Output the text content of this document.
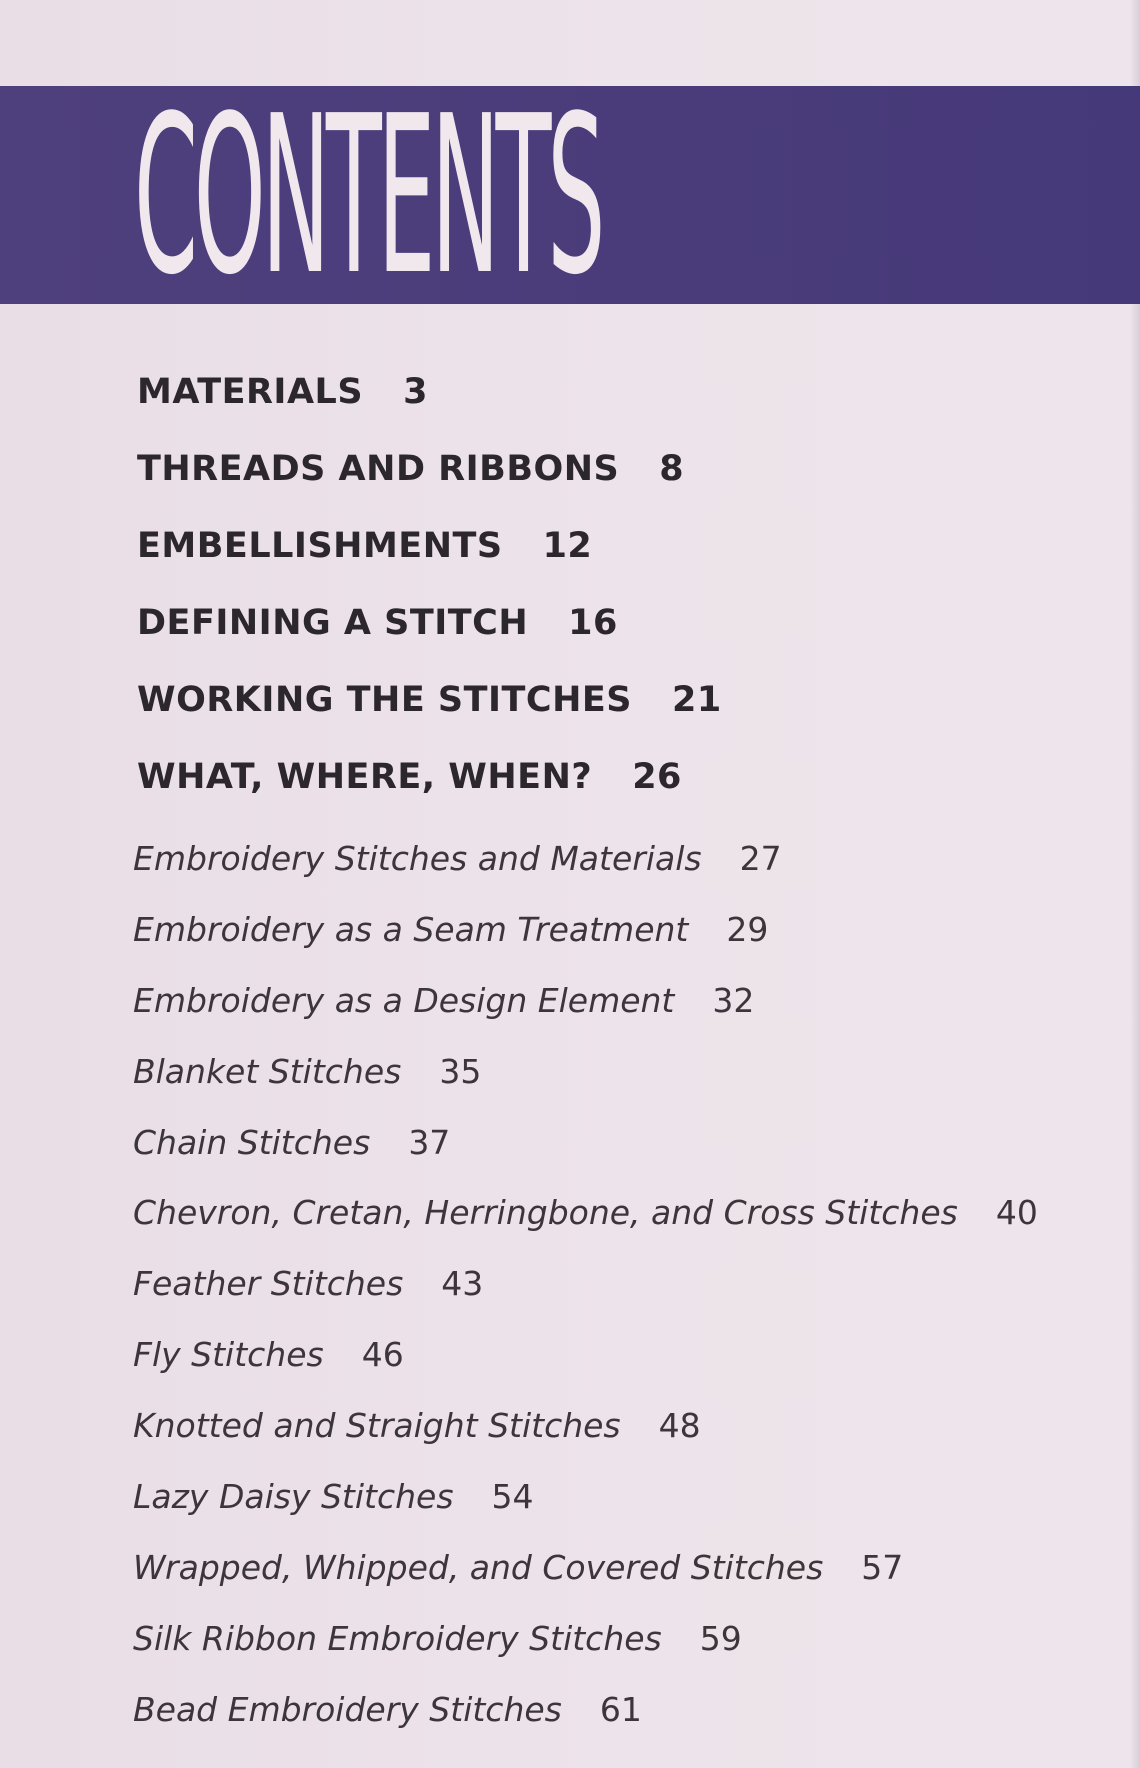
CONTENTS
MATERIALS 3
THREADS AND RIBBONS 8
EMBELLISHMENTS 12
DEFINING A STITCH 16
WORKING THE STITCHES 21
WHAT, WHERE, WHEN? 26
Embroidery Stitches and Materials 27
Embroidery as a Seam Treatment 29
Embroidery as a Design Element 32
Blanket Stitches 35
Chain Stitches 37
Chevron, Cretan, Herringbone, and Cross Stitches 40
Feather Stitches 43
Fly Stitches 46
Knotted and Straight Stitches 48
Lazy Daisy Stitches 54
Wrapped, Whipped, and Covered Stitches 57
Silk Ribbon Embroidery Stitches 59
Bead Embroidery Stitches 61
